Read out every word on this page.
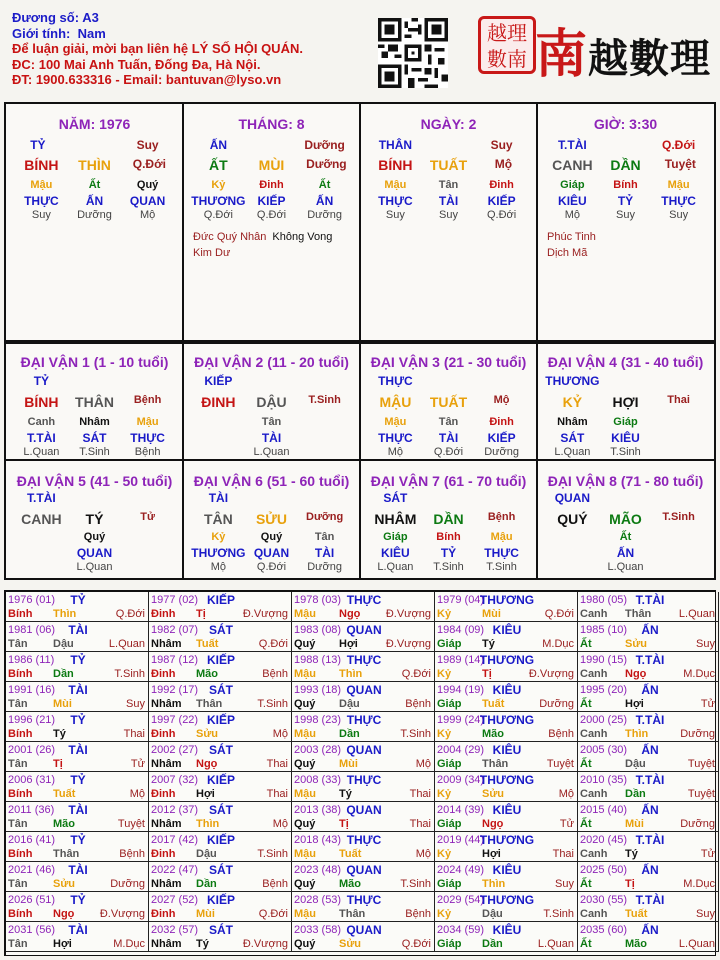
Đương số: A3
Giới tính: Nam
Để luận giải, mời bạn liên hệ LÝ SỐ HỘI QUÁN.
ĐC: 100 Mai Anh Tuấn, Đống Đa, Hà Nội.
ĐT: 1900.633316 - Email: bantuvan@lyso.vn
越理數南 南越數理
NĂM: 1976
TỶ	Suy
BÍNH THÌN Q.Đới
Mậu	Ất	Quý
THỰC ẤN QUAN
Suy Dưỡng	Mộ
THÁNG: 8
ẤN	Dưỡng
ẤT MÙI Dưỡng
Kỷ	Đinh	Ất
THƯƠNG KIẾP	ẤN
Q.Đới Q.Đới Dưỡng
Đức Quý Nhân Không Vong
Kim Dư
NGÀY: 2
THÂN	Suy
BÍNH TUẤT Mộ
Mậu	Tân	Đinh
THỰC TÀI KIẾP
Suy	Suy	Q.Đới
GIỜ: 3:30
T.TÀI	Q.Đới
CANH DẦN Tuyệt
Giáp	Bính	Mậu
KIÊU	TỶ THỰC
Mộ	Suy	Suy
Phúc Tinh
Dịch Mã
ĐẠI VẬN 1 (1 - 10 tuổi)
TỶ
BÍNH THÂN Bệnh
Canh Nhâm Mậu
T.TÀI SÁT THỰC
L.Quan T.Sinh Bệnh
ĐẠI VẬN 2 (11 - 20 tuổi)
KIẾP
ĐINH DẬU T.Sinh
Tân
TÀI
L.Quan
ĐẠI VẬN 3 (21 - 30 tuổi)
THỰC
MẬU TUẤT Mộ
Mậu	Tân	Đinh
THỰC TÀI KIẾP
Mộ	Q.Đới Dưỡng
ĐẠI VẬN 4 (31 - 40 tuổi)
THƯƠNG
KỶ HỢI	Thai
Nhâm Giáp
SÁT KIÊU
L.Quan T.Sinh
ĐẠI VẬN 5 (41 - 50 tuổi)
T.TÀI
CANH TÝ	Tử
Quý
QUAN
L.Quan
ĐẠI VẬN 6 (51 - 60 tuổi)
TÀI
TÂN SỬU Dưỡng
Kỷ	Quý	Tân
THƯƠNG QUAN TÀI
Mộ	Q.Đới Dưỡng
ĐẠI VẬN 7 (61 - 70 tuổi)
SÁT
NHÂM DẦN Bệnh
Giáp	Bính	Mậu
KIÊU	TỶ THỰC
L.Quan T.Sinh T.Sinh
ĐẠI VẬN 8 (71 - 80 tuổi)
QUAN
QUÝ MÃO T.Sinh
Ất
ẤN
L.Quan
1976 (01) TỶ
Bính Thìn	Q.Đới
1977 (02) KIẾP
Đinh Tị	Đ.Vượng
1978 (03) THỰC
Mậu Ngọ Đ.Vượng
1979 (04)
THƯƠNG
Kỷ	Mùi	Q.Đới
1980 (05) T.TÀI
Canh Thân	L.Quan
1981 (06) TÀI
Tân Dậu	L.Quan
1982 (07) SÁT
Nhâm Tuất	Q.Đới
1983 (08) QUAN
Quý Hợi	Đ.Vượng
1984 (09) KIÊU
Giáp Tý	M.Dục
1985 (10) ẤN
Ất	Sửu	Suy
1986 (11) TỶ
Bính Dần	T.Sinh
1987 (12) KIẾP
Đinh Mão	Bệnh
1988 (13) THỰC
Mậu Thìn	Q.Đới
1989 (14)
THƯƠNG
Kỷ	Tị	Đ.Vượng
1990 (15) T.TÀI
Canh Ngọ	M.Dục
1991 (16) TÀI
Tân Mùi	Suy
1992 (17) SÁT
Nhâm Thân	T.Sinh
1993 (18) QUAN
Quý Dậu	Bệnh
1994 (19) KIÊU
Giáp Tuất	Dưỡng
1995 (20) ẤN
Ất	Hợi	Tử
1996 (21) TỶ
Bính Tý	Thai
1997 (22) KIẾP
Đinh Sửu	Mộ
1998 (23) THỰC
Mậu Dần	T.Sinh
1999 (24)
THƯƠNG
Kỷ	Mão	Bệnh
2000 (25) T.TÀI
Canh Thìn	Dưỡng
2001 (26) TÀI
Tân Tị	Tử
2002 (27) SÁT
Nhâm Ngọ	Thai
2003 (28) QUAN
Quý Mùi	Mộ
2004 (29) KIÊU
Giáp Thân	Tuyệt
2005 (30) ẤN
Ất	Dậu	Tuyệt
2006 (31) TỶ
Bính Tuất	Mộ
2007 (32) KIẾP
Đinh Hợi	Thai
2008 (33) THỰC
Mậu Tý	Thai
2009 (34)
THƯƠNG
Kỷ	Sửu	Mộ
2010 (35) T.TÀI
Canh Dần	Tuyệt
2011 (36) TÀI
Tân Mão	Tuyệt
2012 (37) SÁT
Nhâm Thìn	Mộ
2013 (38) QUAN
Quý Tị	Thai
2014 (39) KIÊU
Giáp Ngọ	Tử
2015 (40) ẤN
Ất	Mùi	Dưỡng
2016 (41) TỶ
Bính Thân	Bệnh
2017 (42) KIẾP
Đinh Dậu	T.Sinh
2018 (43) THỰC
Mậu Tuất	Mộ
2019 (44)
THƯƠNG
Kỷ	Hợi	Thai
2020 (45) T.TÀI
Canh Tý	Tử
2021 (46) TÀI
Tân Sửu	Dưỡng
2022 (47) SÁT
Nhâm Dần	Bệnh
2023 (48) QUAN
Quý Mão	T.Sinh
2024 (49) KIÊU
Giáp Thìn	Suy
2025 (50) ẤN
Ất	Tị	M.Dục
2026 (51) TỶ
Bính Ngọ Đ.Vượng
2027 (52) KIẾP
Đinh Mùi	Q.Đới
2028 (53) THỰC
Mậu Thân	Bệnh
2029 (54)
THƯƠNG
Kỷ	Dậu	T.Sinh
2030 (55) T.TÀI
Canh Tuất	Suy
2031 (56) TÀI
Tân Hợi	M.Dục
2032 (57) SÁT
Nhâm Tý	Đ.Vượng
2033 (58) QUAN
Quý Sửu	Q.Đới
2034 (59) KIÊU
Giáp Dần	L.Quan
2035 (60) ẤN
Ất	Mão	L.Quan
